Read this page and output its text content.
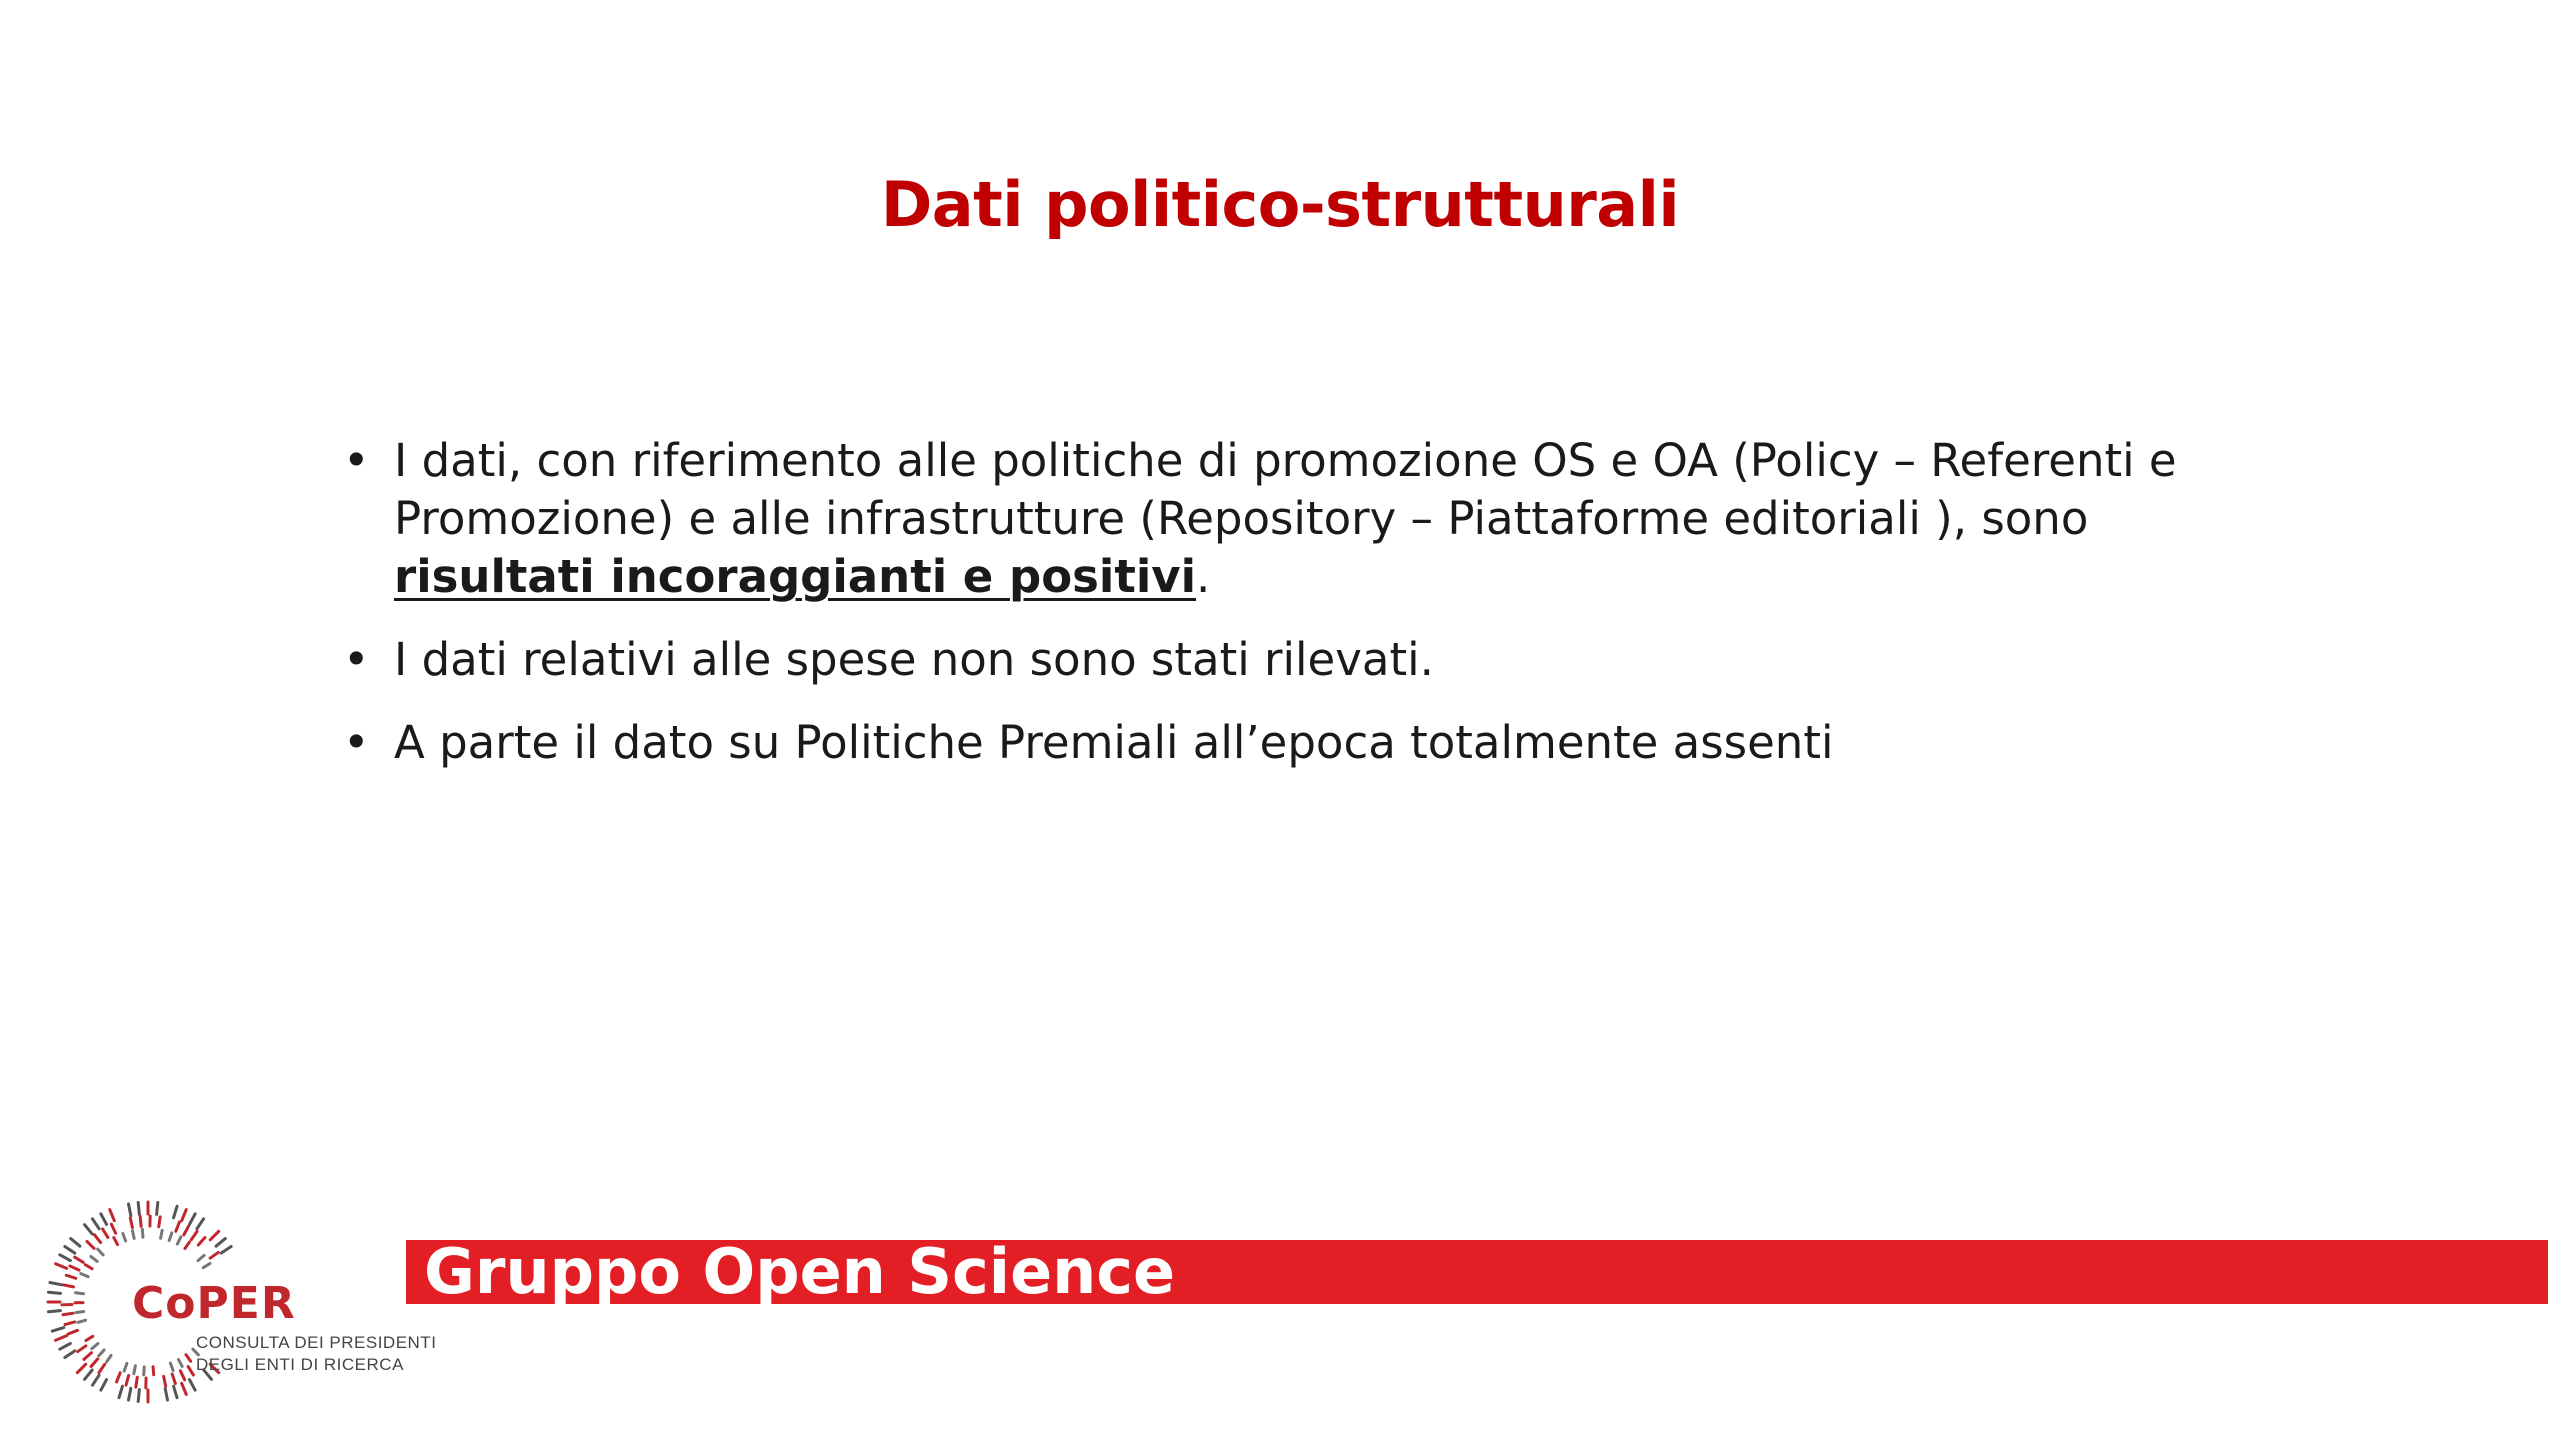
Dati politico-strutturali
• I dati, con riferimento alle politiche di promozione OS e OA (Policy – Referenti e Promozione) e alle infrastrutture (Repository – Piattaforme editoriali ), sono risultati incoraggianti e positivi.
• I dati relativi alle spese non sono stati rilevati.
• A parte il dato su Politiche Premiali all’epoca totalmente assenti
CoPER
CONSULTA DEI PRESIDENTI
DEGLI ENTI DI RICERCA
Gruppo Open Science

2ndo Convegno Nazionale GLOS della CoPER «Un lungo cammino: le nuove sfide della scienza aperta»

Aula Bruno Touschek - Laboratori Nazionali Frascati INFN   27 Novembre - 28 Novembre
